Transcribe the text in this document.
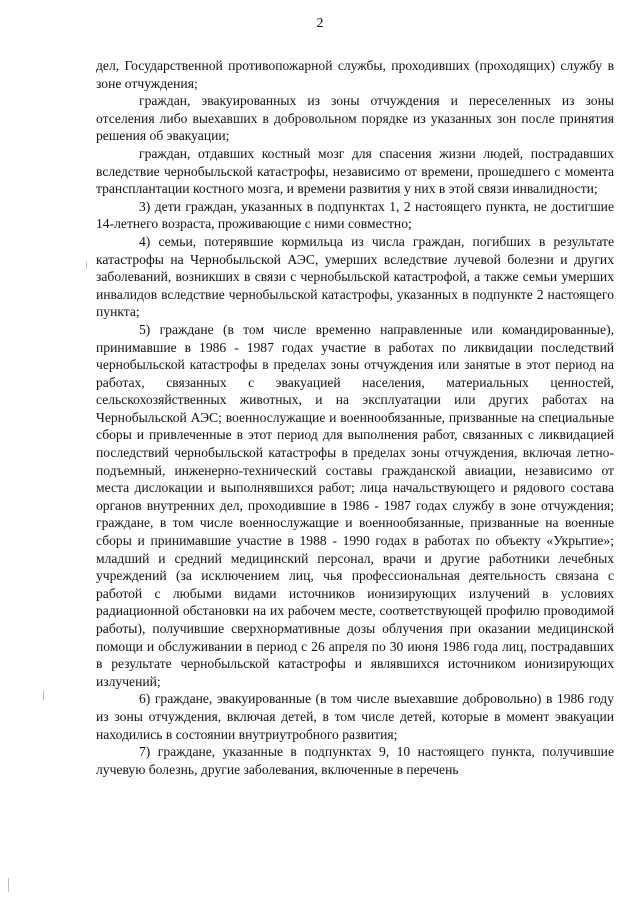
2

дел, Государственной противопожарной службы, проходивших (проходящих) службу в зоне отчуждения;

граждан, эвакуированных из зоны отчуждения и переселенных из зоны отселения либо выехавших в добровольном порядке из указанных зон после принятия решения об эвакуации;

граждан, отдавших костный мозг для спасения жизни людей, пострадавших вследствие чернобыльской катастрофы, независимо от времени, прошедшего с момента трансплантации костного мозга, и времени развития у них в этой связи инвалидности;

3) дети граждан, указанных в подпунктах 1, 2 настоящего пункта, не достигшие 14-летнего возраста, проживающие с ними совместно;

4) семьи, потерявшие кормильца из числа граждан, погибших в результате катастрофы на Чернобыльской АЭС, умерших вследствие лучевой болезни и других заболеваний, возникших в связи с чернобыльской катастрофой, а также семьи умерших инвалидов вследствие чернобыльской катастрофы, указанных в подпункте 2 настоящего пункта;

5) граждане (в том числе временно направленные или командированные), принимавшие в 1986 - 1987 годах участие в работах по ликвидации последствий чернобыльской катастрофы в пределах зоны отчуждения или занятые в этот период на работах, связанных с эвакуацией населения, материальных ценностей, сельскохозяйственных животных, и на эксплуатации или других работах на Чернобыльской АЭС; военнослужащие и военнообязанные, призванные на специальные сборы и привлеченные в этот период для выполнения работ, связанных с ликвидацией последствий чернобыльской катастрофы в пределах зоны отчуждения, включая летно-подъемный, инженерно-технический составы гражданской авиации, независимо от места дислокации и выполнявшихся работ; лица начальствующего и рядового состава органов внутренних дел, проходившие в 1986 - 1987 годах службу в зоне отчуждения; граждане, в том числе военнослужащие и военнообязанные, призванные на военные сборы и принимавшие участие в 1988 - 1990 годах в работах по объекту «Укрытие»; младший и средний медицинский персонал, врачи и другие работники лечебных учреждений (за исключением лиц, чья профессиональная деятельность связана с работой с любыми видами источников ионизирующих излучений в условиях радиационной обстановки на их рабочем месте, соответствующей профилю проводимой работы), получившие сверхнормативные дозы облучения при оказании медицинской помощи и обслуживании в период с 26 апреля по 30 июня 1986 года лиц, пострадавших в результате чернобыльской катастрофы и являвшихся источником ионизирующих излучений;

6) граждане, эвакуированные (в том числе выехавшие добровольно) в 1986 году из зоны отчуждения, включая детей, в том числе детей, которые в момент эвакуации находились в состоянии внутриутробного развития;

7) граждане, указанные в подпунктах 9, 10 настоящего пункта, получившие лучевую болезнь, другие заболевания, включенные в перечень
